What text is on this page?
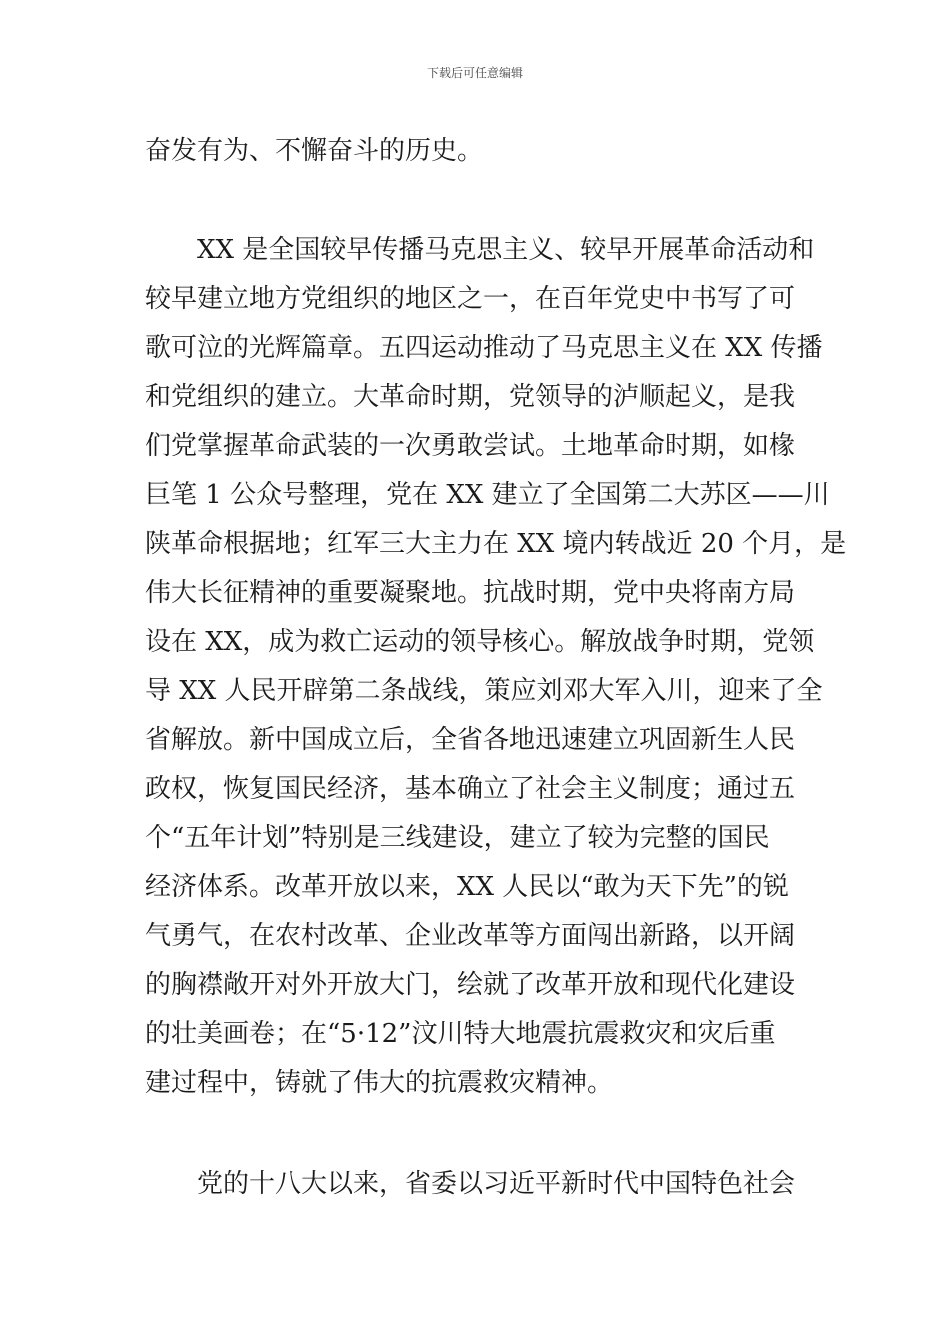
下载后可任意编辑
奋发有为、不懈奋斗的历史。
XX 是全国较早传播马克思主义、较早开展革命活动和
较早建立地方党组织的地区之一，在百年党史中书写了可
歌可泣的光辉篇章。五四运动推动了马克思主义在 XX 传播
和党组织的建立。大革命时期，党领导的泸顺起义，是我
们党掌握革命武装的一次勇敢尝试。土地革命时期，如椽
巨笔 1 公众号整理，党在 XX 建立了全国第二大苏区——川
陕革命根据地；红军三大主力在 XX 境内转战近 20 个月，是
伟大长征精神的重要凝聚地。抗战时期，党中央将南方局
设在 XX，成为救亡运动的领导核心。解放战争时期，党领
导 XX 人民开辟第二条战线，策应刘邓大军入川，迎来了全
省解放。新中国成立后，全省各地迅速建立巩固新生人民
政权，恢复国民经济，基本确立了社会主义制度；通过五
个“五年计划”特别是三线建设，建立了较为完整的国民
经济体系。改革开放以来，XX 人民以“敢为天下先”的锐
气勇气，在农村改革、企业改革等方面闯出新路，以开阔
的胸襟敞开对外开放大门，绘就了改革开放和现代化建设
的壮美画卷；在“5·12”汶川特大地震抗震救灾和灾后重
建过程中，铸就了伟大的抗震救灾精神。
党的十八大以来，省委以习近平新时代中国特色社会
